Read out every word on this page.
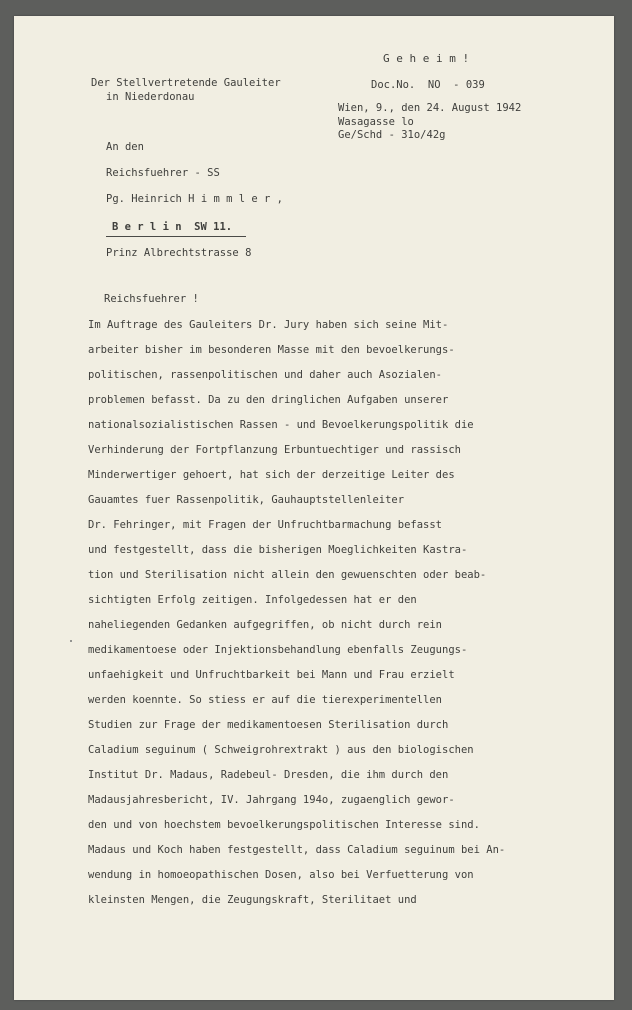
G e h e i m !
Der Stellvertretende Gauleiter
in Niederdonau
Doc.No.  NO  - 039
Wien, 9., den 24. August 1942
Wasagasse lo
Ge/Schd - 31o/42g
An den
Reichsfuehrer - SS
Pg. Heinrich H i m m l e r ,
B e r l i n  SW 11.
Prinz Albrechtstrasse 8
Reichsfuehrer !
Im Auftrage des Gauleiters Dr. Jury haben sich seine Mit-
arbeiter bisher im besonderen Masse mit den bevoelkerungs-
politischen, rassenpolitischen und daher auch Asozialen-
problemen befasst. Da zu den dringlichen Aufgaben unserer
nationalsozialistischen Rassen - und Bevoelkerungspolitik die
Verhinderung der Fortpflanzung Erbuntuechtiger und rassisch
Minderwertiger gehoert, hat sich der derzeitige Leiter des
Gauamtes fuer Rassenpolitik, Gauhauptstellenleiter
Dr. Fehringer, mit Fragen der Unfruchtbarmachung befasst
und festgestellt, dass die bisherigen Moeglichkeiten Kastra-
tion und Sterilisation nicht allein den gewuenschten oder beab-
sichtigten Erfolg zeitigen. Infolgedessen hat er den
naheliegenden Gedanken aufgegriffen, ob nicht durch rein
medikamentoese oder Injektionsbehandlung ebenfalls Zeugungs-
unfaehigkeit und Unfruchtbarkeit bei Mann und Frau erzielt
werden koennte. So stiess er auf die tierexperimentellen
Studien zur Frage der medikamentoesen Sterilisation durch
Caladium seguinum ( Schweigrohrextrakt ) aus den biologischen
Institut Dr. Madaus, Radebeul- Dresden, die ihm durch den
Madausjahresbericht, IV. Jahrgang 194o, zugaenglich gewor-
den und von hoechstem bevoelkerungspolitischen Interesse sind.
Madaus und Koch haben festgestellt, dass Caladium seguinum bei An-
wendung in homoeopathischen Dosen, also bei Verfuetterung von
kleinsten Mengen, die Zeugungskraft, Sterilitaet und
